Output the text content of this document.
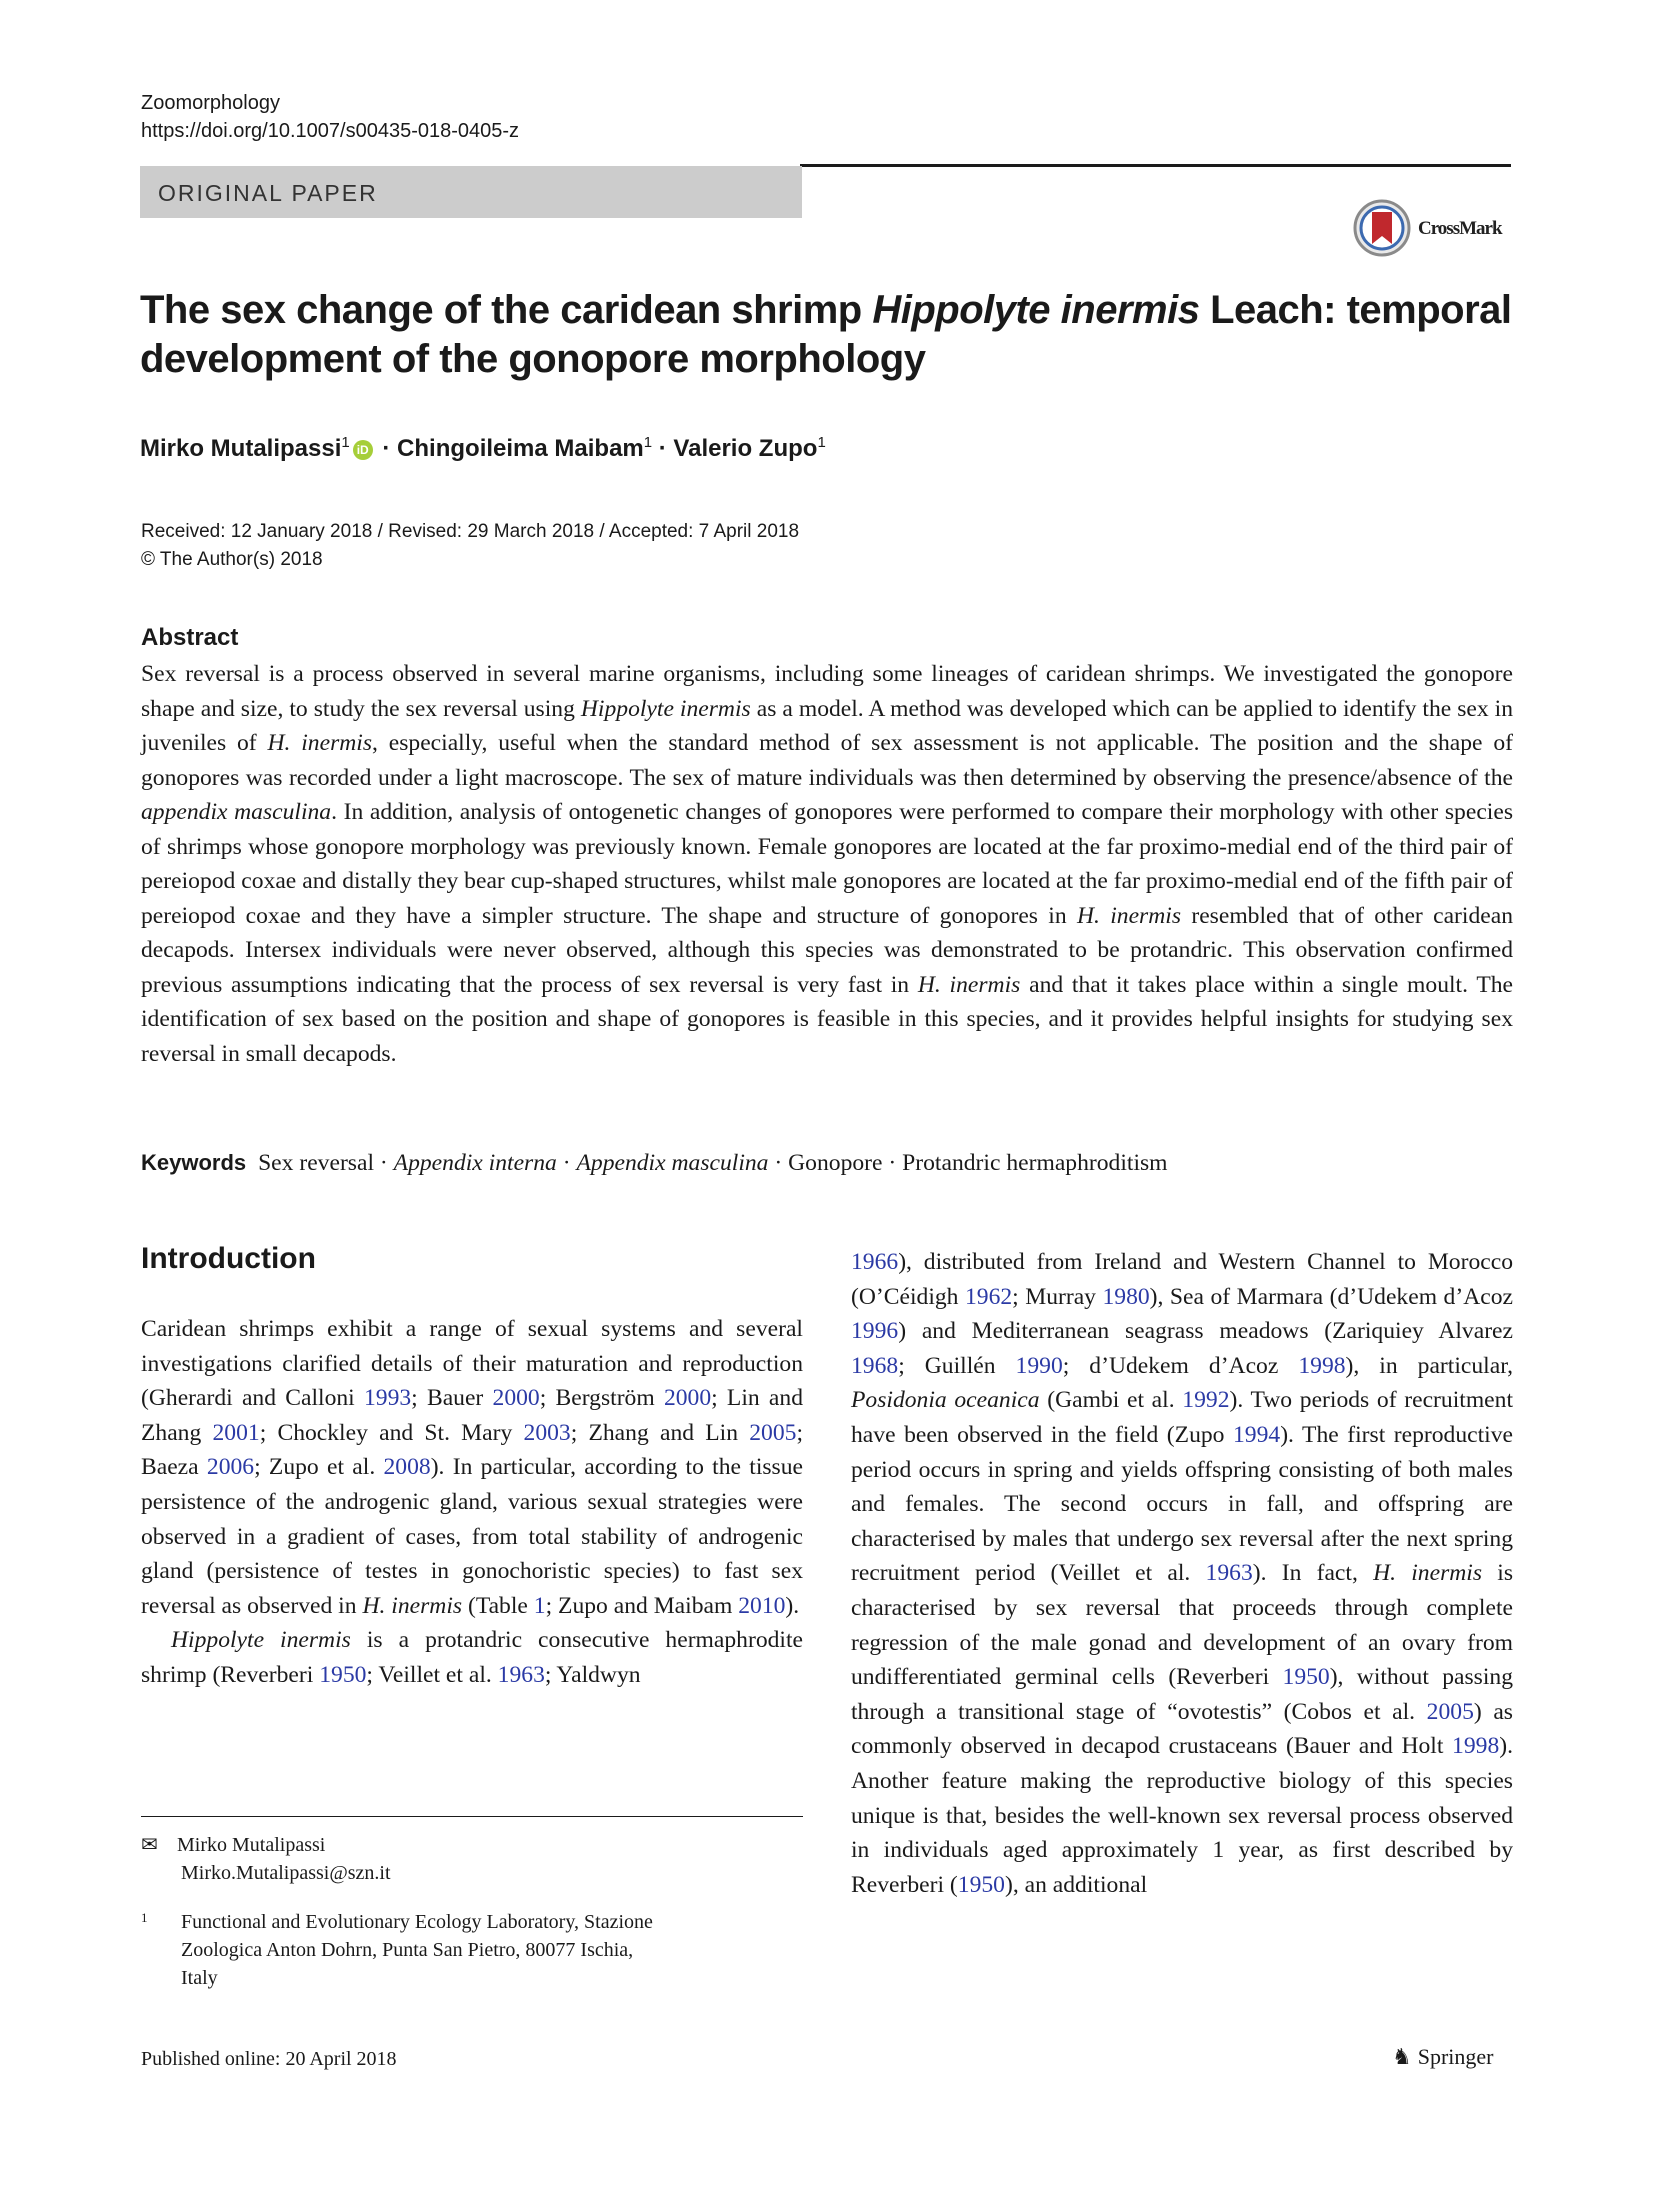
Zoomorphology
https://doi.org/10.1007/s00435-018-0405-z
ORIGINAL PAPER
CrossMark
The sex change of the caridean shrimp Hippolyte inermis Leach: temporal development of the gonopore morphology
Mirko Mutalipassi$^1$ iD · Chingoileima Maibam$^1$ · Valerio Zupo$^1$
Received: 12 January 2018 / Revised: 29 March 2018 / Accepted: 7 April 2018
© The Author(s) 2018
Abstract
Sex reversal is a process observed in several marine organisms, including some lineages of caridean shrimps. We investigated the gonopore shape and size, to study the sex reversal using Hippolyte inermis as a model. A method was developed which can be applied to identify the sex in juveniles of H. inermis, especially, useful when the standard method of sex assessment is not applicable. The position and the shape of gonopores was recorded under a light macroscope. The sex of mature individuals was then determined by observing the presence/absence of the appendix masculina. In addition, analysis of ontogenetic changes of gonopores were performed to compare their morphology with other species of shrimps whose gonopore morphology was previously known. Female gonopores are located at the far proximo-medial end of the third pair of pereiopod coxae and distally they bear cup-shaped structures, whilst male gonopores are located at the far proximo-medial end of the fifth pair of pereiopod coxae and they have a simpler structure. The shape and structure of gonopores in H. inermis resembled that of other caridean decapods. Intersex individuals were never observed, although this species was demonstrated to be protandric. This observation confirmed previous assumptions indicating that the process of sex reversal is very fast in H. inermis and that it takes place within a single moult. The identification of sex based on the position and shape of gonopores is feasible in this species, and it provides helpful insights for studying sex reversal in small decapods.
Keywords Sex reversal · Appendix interna · Appendix masculina · Gonopore · Protandric hermaphroditism
Introduction

Caridean shrimps exhibit a range of sexual systems and several investigations clarified details of their maturation and reproduction (Gherardi and Calloni 1993; Bauer 2000; Bergström 2000; Lin and Zhang 2001; Chockley and St. Mary 2003; Zhang and Lin 2005; Baeza 2006; Zupo et al. 2008). In particular, according to the tissue persistence of the androgenic gland, various sexual strategies were observed in a gradient of cases, from total stability of androgenic gland (persistence of testes in gonochoristic species) to fast sex reversal as observed in H. inermis (Table 1; Zupo and Maibam 2010).

Hippolyte inermis is a protandric consecutive hermaphrodite shrimp (Reverberi 1950; Veillet et al. 1963; Yaldwyn

1966), distributed from Ireland and Western Channel to Morocco (O’Céidigh 1962; Murray 1980), Sea of Marmara (d’Udekem d’Acoz 1996) and Mediterranean seagrass meadows (Zariquiey Alvarez 1968; Guillén 1990; d’Udekem d’Acoz 1998), in particular, Posidonia oceanica (Gambi et al. 1992). Two periods of recruitment have been observed in the field (Zupo 1994). The first reproductive period occurs in spring and yields offspring consisting of both males and females. The second occurs in fall, and offspring are characterised by males that undergo sex reversal after the next spring recruitment period (Veillet et al. 1963). In fact, H. inermis is characterised by sex reversal that proceeds through complete regression of the male gonad and development of an ovary from undifferentiated germinal cells (Reverberi 1950), without passing through a transitional stage of “ovotestis” (Cobos et al. 2005) as commonly observed in decapod crustaceans (Bauer and Holt 1998). Another feature making the reproductive biology of this species unique is that, besides the well-known sex reversal process observed in individuals aged approximately 1 year, as first described by Reverberi (1950), an additional

✉ Mirko Mutalipassi
Mirko.Mutalipassi@szn.it
1 Functional and Evolutionary Ecology Laboratory, Stazione
Zoologica Anton Dohrn, Punta San Pietro, 80077 Ischia,
Italy
Published online: 20 April 2018	♞ Springer
